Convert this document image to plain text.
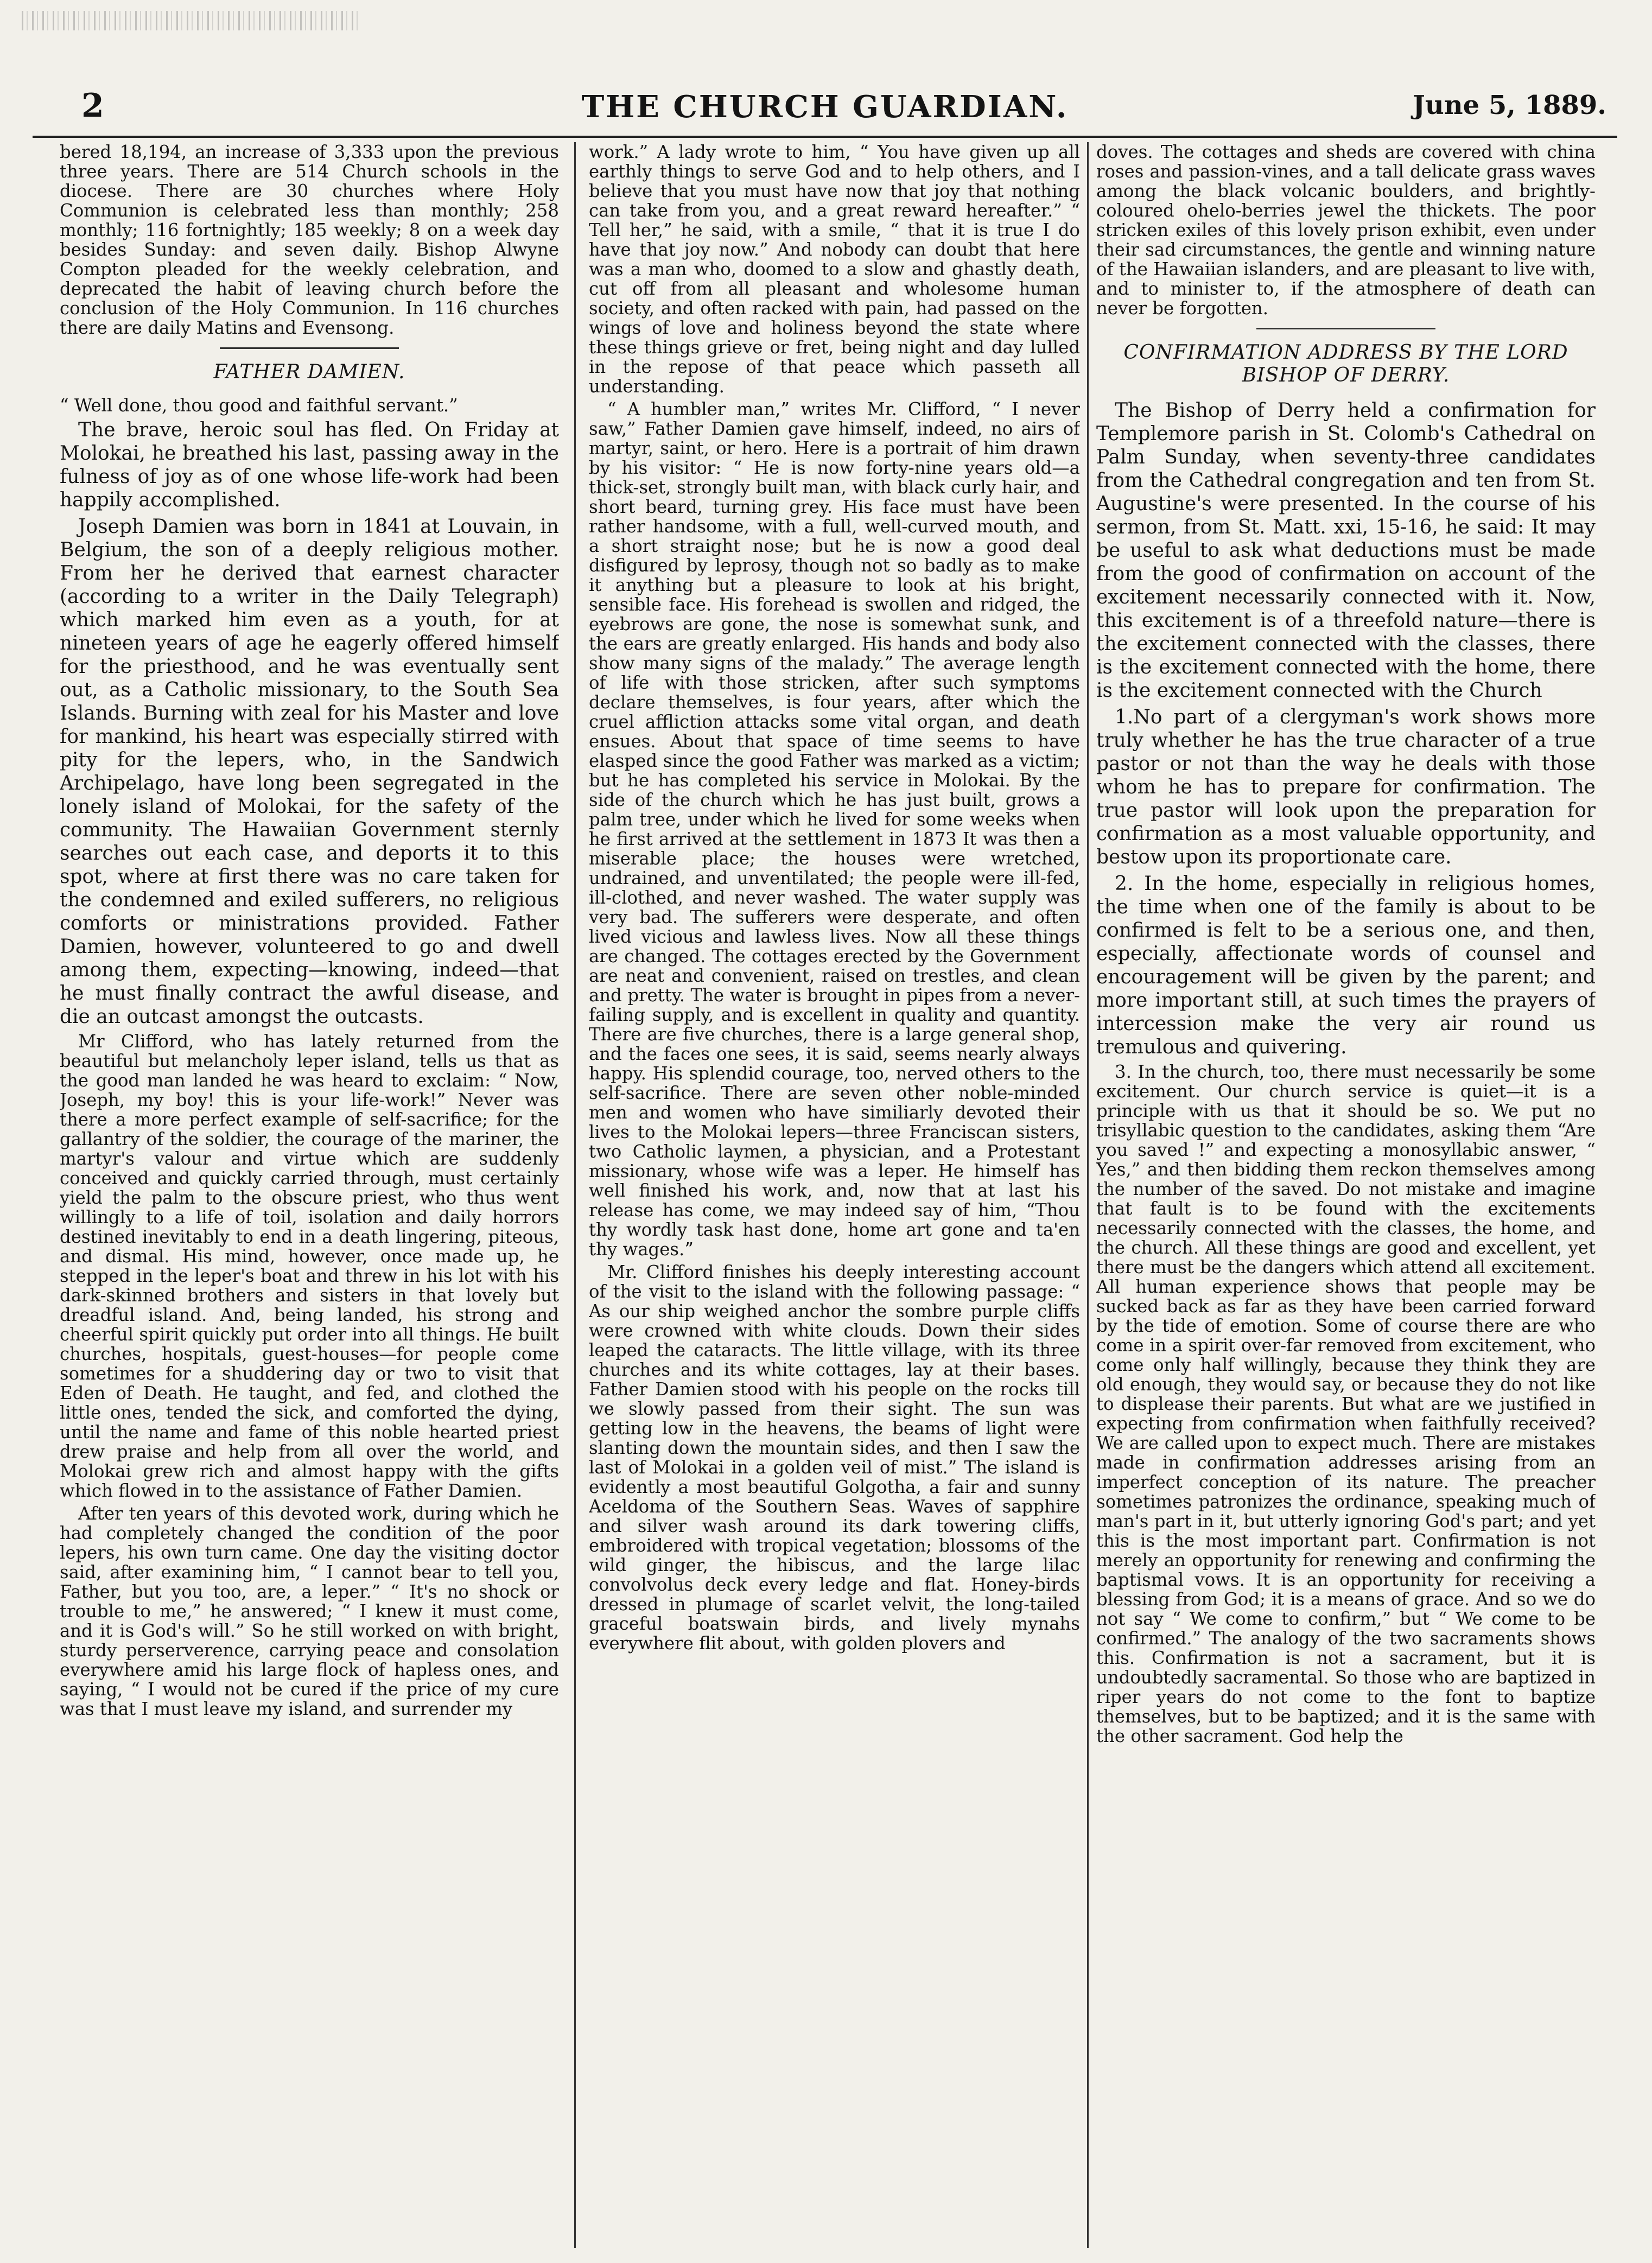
2	THE CHURCH GUARDIAN.	June 5, 1889.

bered 18,194, an increase of 3,333 upon the previous three years. There are 514 Church schools in the diocese. There are 30 churches where Holy Communion is celebrated less than monthly; 258 monthly; 116 fortnightly; 185 weekly; 8 on a week day besides Sunday: and seven daily. Bishop Alwyne Compton pleaded for the weekly celebration, and deprecated the habit of leaving church before the conclusion of the Holy Communion. In 116 churches there are daily Matins and Evensong.

FATHER DAMIEN.

“ Well done, thou good and faithful servant.”

The brave, heroic soul has fled. On Friday at Molokai, he breathed his last, passing away in the fulness of joy as of one whose life-work had been happily accomplished.

Joseph Damien was born in 1841 at Louvain, in Belgium, the son of a deeply religious mother. From her he derived that earnest character (according to a writer in the Daily Telegraph) which marked him even as a youth, for at nineteen years of age he eagerly offered himself for the priesthood, and he was eventually sent out, as a Catholic missionary, to the South Sea Islands. Burning with zeal for his Master and love for mankind, his heart was especially stirred with pity for the lepers, who, in the Sandwich Archipelago, have long been segregated in the lonely island of Molokai, for the safety of the community. The Hawaiian Government sternly searches out each case, and deports it to this spot, where at first there was no care taken for the condemned and exiled sufferers, no religious comforts or ministrations provided. Father Damien, however, volunteered to go and dwell among them, expecting—knowing, indeed—that he must finally contract the awful disease, and die an outcast amongst the outcasts.

Mr Clifford, who has lately returned from the beautiful but melancholy leper island, tells us that as the good man landed he was heard to exclaim: “ Now, Joseph, my boy! this is your life-work!” Never was there a more perfect example of self-sacrifice; for the gallantry of the soldier, the courage of the mariner, the martyr's valour and virtue which are suddenly conceived and quickly carried through, must certainly yield the palm to the obscure priest, who thus went willingly to a life of toil, isolation and daily horrors destined inevitably to end in a death lingering, piteous, and dismal. His mind, however, once made up, he stepped in the leper's boat and threw in his lot with his dark-skinned brothers and sisters in that lovely but dreadful island. And, being landed, his strong and cheerful spirit quickly put order into all things. He built churches, hospitals, guest-houses—for people come sometimes for a shuddering day or two to visit that Eden of Death. He taught, and fed, and clothed the little ones, tended the sick, and comforted the dying, until the name and fame of this noble hearted priest drew praise and help from all over the world, and Molokai grew rich and almost happy with the gifts which flowed in to the assistance of Father Damien.

After ten years of this devoted work, during which he had completely changed the condition of the poor lepers, his own turn came. One day the visiting doctor said, after examining him, “ I cannot bear to tell you, Father, but you too, are, a leper.” “ It's no shock or trouble to me,” he answered; “ I knew it must come, and it is God's will.” So he still worked on with bright, sturdy perserverence, carrying peace and consolation everywhere amid his large flock of hapless ones, and saying, “ I would not be cured if the price of my cure was that I must leave my island, and surrender my

work.” A lady wrote to him, “ You have given up all earthly things to serve God and to help others, and I believe that you must have now that joy that nothing can take from you, and a great reward hereafter.” “ Tell her,” he said, with a smile, “ that it is true I do have that joy now.” And nobody can doubt that here was a man who, doomed to a slow and ghastly death, cut off from all pleasant and wholesome human society, and often racked with pain, had passed on the wings of love and holiness beyond the state where these things grieve or fret, being night and day lulled in the repose of that peace which passeth all understanding.

“ A humbler man,” writes Mr. Clifford, “ I never saw,” Father Damien gave himself, indeed, no airs of martyr, saint, or hero. Here is a portrait of him drawn by his visitor: “ He is now forty-nine years old—a thick-set, strongly built man, with black curly hair, and short beard, turning grey. His face must have been rather handsome, with a full, well-curved mouth, and a short straight nose; but he is now a good deal disfigured by leprosy, though not so badly as to make it anything but a pleasure to look at his bright, sensible face. His forehead is swollen and ridged, the eyebrows are gone, the nose is somewhat sunk, and the ears are greatly enlarged. His hands and body also show many signs of the malady.” The average length of life with those stricken, after such symptoms declare themselves, is four years, after which the cruel affliction attacks some vital organ, and death ensues. About that space of time seems to have elasped since the good Father was marked as a victim; but he has completed his service in Molokai. By the side of the church which he has just built, grows a palm tree, under which he lived for some weeks when he first arrived at the settlement in 1873 It was then a miserable place; the houses were wretched, undrained, and unventilated; the people were ill-fed, ill-clothed, and never washed. The water supply was very bad. The sufferers were desperate, and often lived vicious and lawless lives. Now all these things are changed. The cottages erected by the Government are neat and convenient, raised on trestles, and clean and pretty. The water is brought in pipes from a never-failing supply, and is excellent in quality and quantity. There are five churches, there is a large general shop, and the faces one sees, it is said, seems nearly always happy. His splendid courage, too, nerved others to the self-sacrifice. There are seven other noble-minded men and women who have similiarly devoted their lives to the Molokai lepers—three Franciscan sisters, two Catholic laymen, a physician, and a Protestant missionary, whose wife was a leper. He himself has well finished his work, and, now that at last his release has come, we may indeed say of him, “Thou thy wordly task hast done, home art gone and ta'en thy wages.”

Mr. Clifford finishes his deeply interesting account of the visit to the island with the following passage: “ As our ship weighed anchor the sombre purple cliffs were crowned with white clouds. Down their sides leaped the cataracts. The little village, with its three churches and its white cottages, lay at their bases. Father Damien stood with his people on the rocks till we slowly passed from their sight. The sun was getting low in the heavens, the beams of light were slanting down the mountain sides, and then I saw the last of Molokai in a golden veil of mist.” The island is evidently a most beautiful Golgotha, a fair and sunny Aceldoma of the Southern Seas. Waves of sapphire and silver wash around its dark towering cliffs, embroidered with tropical vegetation; blossoms of the wild ginger, the hibiscus, and the large lilac convolvolus deck every ledge and flat. Honey-birds dressed in plumage of scarlet velvit, the long-tailed graceful boatswain birds, and lively mynahs everywhere flit about, with golden plovers and

doves. The cottages and sheds are covered with china roses and passion-vines, and a tall delicate grass waves among the black volcanic boulders, and brightly-coloured ohelo-berries jewel the thickets. The poor stricken exiles of this lovely prison exhibit, even under their sad circumstances, the gentle and winning nature of the Hawaiian islanders, and are pleasant to live with, and to minister to, if the atmosphere of death can never be forgotten.

CONFIRMATION ADDRESS BY THE LORD BISHOP OF DERRY.

The Bishop of Derry held a confirmation for Templemore parish in St. Colomb's Cathedral on Palm Sunday, when seventy-three candidates from the Cathedral congregation and ten from St. Augustine's were presented. In the course of his sermon, from St. Matt. xxi, 15-16, he said: It may be useful to ask what deductions must be made from the good of confirmation on account of the excitement necessarily connected with it. Now, this excitement is of a threefold nature—there is the excitement connected with the classes, there is the excitement connected with the home, there is the excitement connected with the Church

1.No part of a clergyman's work shows more truly whether he has the true character of a true pastor or not than the way he deals with those whom he has to prepare for confirmation. The true pastor will look upon the preparation for confirmation as a most valuable opportunity, and bestow upon its proportionate care.

2. In the home, especially in religious homes, the time when one of the family is about to be confirmed is felt to be a serious one, and then, especially, affectionate words of counsel and encouragement will be given by the parent; and more important still, at such times the prayers of intercession make the very air round us tremulous and quivering.

3. In the church, too, there must necessarily be some excitement. Our church service is quiet—it is a principle with us that it should be so. We put no trisyllabic question to the candidates, asking them “Are you saved !” and expecting a monosyllabic answer, “ Yes,” and then bidding them reckon themselves among the number of the saved. Do not mistake and imagine that fault is to be found with the excitements necessarily connected with the classes, the home, and the church. All these things are good and excellent, yet there must be the dangers which attend all excitement. All human experience shows that people may be sucked back as far as they have been carried forward by the tide of emotion. Some of course there are who come in a spirit over-far removed from excitement, who come only half willingly, because they think they are old enough, they would say, or because they do not like to displease their parents. But what are we justified in expecting from confirmation when faithfully received? We are called upon to expect much. There are mistakes made in confirmation addresses arising from an imperfect conception of its nature. The preacher sometimes patronizes the ordinance, speaking much of man's part in it, but utterly ignoring God's part; and yet this is the most important part. Confirmation is not merely an opportunity for renewing and confirming the baptismal vows. It is an opportunity for receiving a blessing from God; it is a means of grace. And so we do not say “ We come to confirm,” but “ We come to be confirmed.” The analogy of the two sacraments shows this. Confirmation is not a sacrament, but it is undoubtedly sacramental. So those who are baptized in riper years do not come to the font to baptize themselves, but to be baptized; and it is the same with the other sacrament. God help the
